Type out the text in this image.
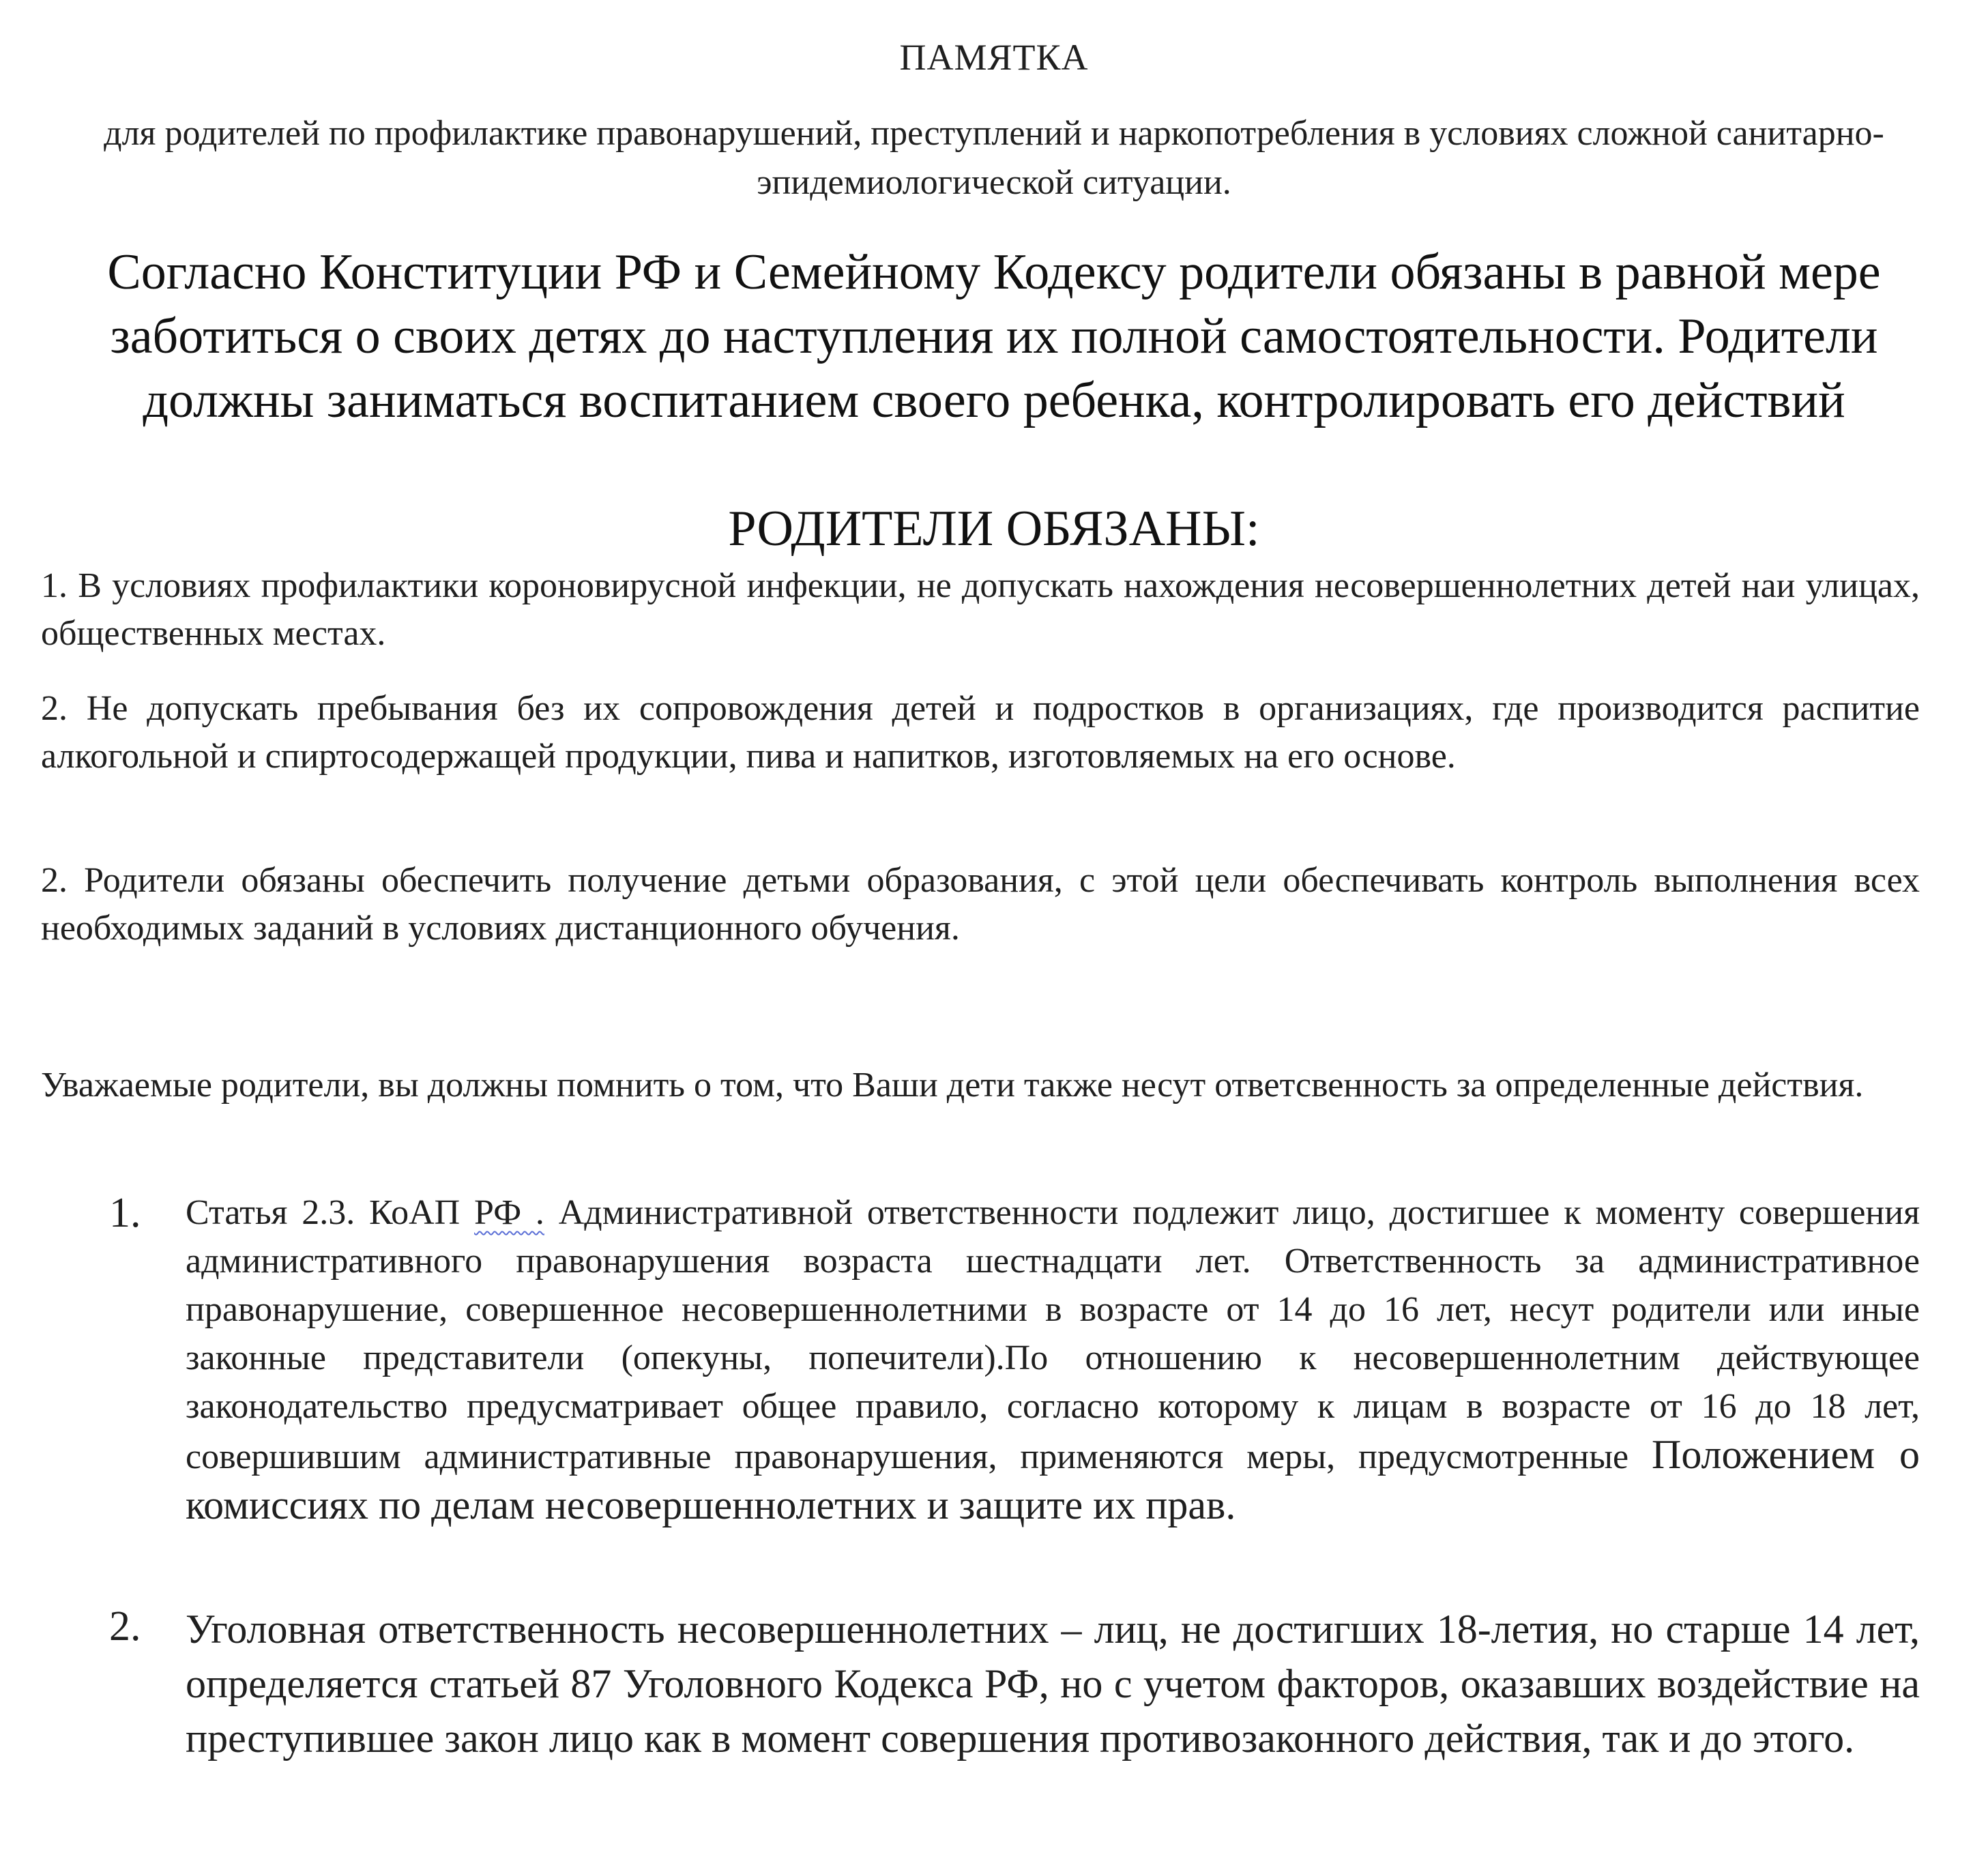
ПАМЯТКА

для родителей по профилактике правонарушений, преступлений и наркопотребления в условиях сложной санитарно-эпидемиологической ситуации.

Согласно Конституции РФ и Семейному Кодексу родители обязаны в равной мере заботиться о своих детях до наступления их полной самостоятельности. Родители должны заниматься воспитанием своего ребенка, контролировать его действий

РОДИТЕЛИ ОБЯЗАНЫ:

1. В условиях профилактики короновирусной инфекции, не допускать нахождения несовершеннолетних детей наи улицах, общественных местах.

2. Не допускать пребывания без их сопровождения детей и подростков в организациях, где производится распитие алкогольной и спиртосодержащей продукции, пива и напитков, изготовляемых на его основе.

2. Родители обязаны обеспечить получение детьми образования, с этой цели обеспечивать контроль выполнения всех необходимых заданий в условиях дистанционного обучения.

Уважаемые родители, вы должны помнить о том, что Ваши дети также несут ответсвенность за определенные действия.

1.	Статья 2.3. КоАП РФ . Административной ответственности подлежит лицо, достигшее к моменту совершения административного правонарушения возраста шестнадцати лет. Ответственность за административное правонарушение, совершенное несовершеннолетними в возрасте от 14 до 16 лет, несут родители или иные законные представители (опекуны, попечители).По отношению к несовершеннолетним действующее законодательство предусматривает общее правило, согласно которому к лицам в возрасте от 16 до 18 лет, совершившим административные правонарушения, применяются меры, предусмотренные Положением о комиссиях по делам несовершеннолетних и защите их прав.

2.	Уголовная ответственность несовершеннолетних – лиц, не достигших 18-летия, но старше 14 лет, определяется статьей 87 Уголовного Кодекса РФ, но с учетом факторов, оказавших воздействие на преступившее закон лицо как в момент совершения противозаконного действия, так и до этого.
